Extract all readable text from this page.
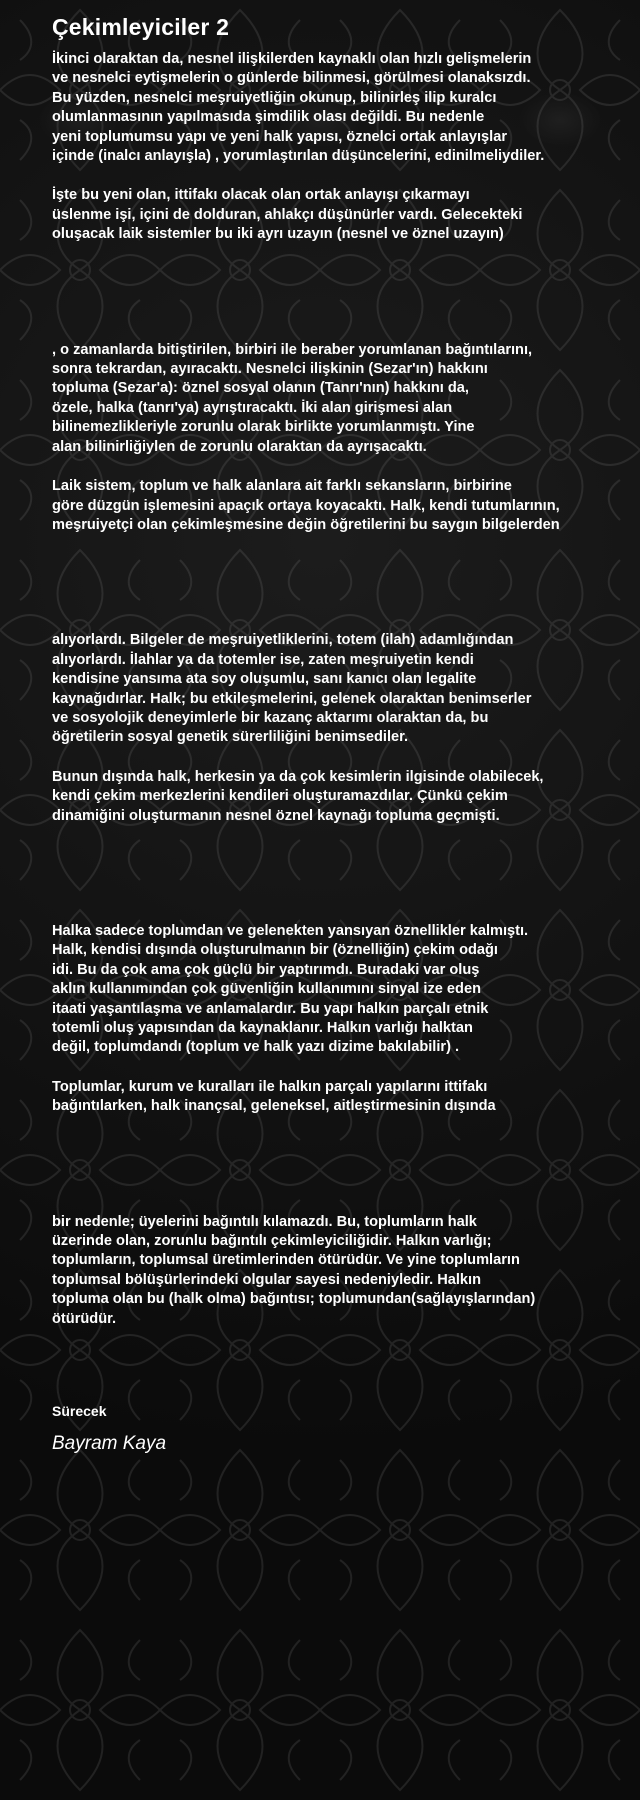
Çekimleyiciler 2
İkinci olaraktan da, nesnel ilişkilerden kaynaklı olan hızlı gelişmelerin
ve nesnelci eytişmelerin o günlerde bilinmesi, görülmesi olanaksızdı.
Bu yüzden, nesnelci meşruiyetliğin okunup, bilinirleş ilip kuralcı
olumlanmasının yapılmasıda şimdilik olası değildi. Bu nedenle
yeni toplumumsu yapı ve yeni halk yapısı, öznelci ortak anlayışlar
içinde (inalcı anlayışla) , yorumlaştırılan düşüncelerini, edinilmeliydiler.
İşte bu yeni olan, ittifakı olacak olan ortak anlayışı çıkarmayı
üslenme işi, içini de dolduran, ahlakçı düşünürler vardı. Gelecekteki
oluşacak laik sistemler bu iki ayrı uzayın (nesnel ve öznel uzayın)
, o zamanlarda bitiştirilen, birbiri ile beraber yorumlanan bağıntılarını,
sonra tekrardan, ayıracaktı. Nesnelci ilişkinin (Sezar'ın) hakkını
topluma (Sezar'a): öznel sosyal olanın (Tanrı'nın) hakkını da,
özele, halka (tanrı'ya) ayrıştıracaktı. İki alan girişmesi alan
bilinemezlikleriyle zorunlu olarak birlikte yorumlanmıştı. Yine
alan bilinirliğiylen de zorunlu olaraktan da ayrışacaktı.
Laik sistem, toplum ve halk alanlara ait farklı sekansların, birbirine
göre düzgün işlemesini apaçık ortaya koyacaktı. Halk, kendi tutumlarının,
meşruiyetçi olan çekimleşmesine değin öğretilerini bu saygın bilgelerden
alıyorlardı. Bilgeler de meşruiyetliklerini, totem (ilah) adamlığından
alıyorlardı. İlahlar ya da totemler ise, zaten meşruiyetin kendi
kendisine yansıma ata soy oluşumlu, sanı kanıcı olan legalite
kaynağıdırlar. Halk; bu etkileşmelerini, gelenek olaraktan benimserler
ve sosyolojik deneyimlerle bir kazanç aktarımı olaraktan da, bu
öğretilerin sosyal genetik sürerliliğini benimsediler.
Bunun dışında halk, herkesin ya da çok kesimlerin ilgisinde olabilecek,
kendi çekim merkezlerini kendileri oluşturamazdılar. Çünkü çekim
dinamiğini oluşturmanın nesnel öznel kaynağı topluma geçmişti.
Halka sadece toplumdan ve gelenekten yansıyan öznellikler kalmıştı.
Halk, kendisi dışında oluşturulmanın bir (öznelliğin) çekim odağı
idi. Bu da çok ama çok güçlü bir yaptırımdı. Buradaki var oluş
aklın kullanımından çok güvenliğin kullanımını sinyal ize eden
itaati yaşantılaşma ve anlamalardır. Bu yapı halkın parçalı etnik
totemli oluş yapısından da kaynaklanır. Halkın varlığı halktan
değil, toplumdandı (toplum ve halk yazı dizime bakılabilir) .
Toplumlar, kurum ve kuralları ile halkın parçalı yapılarını ittifakı
bağıntılarken, halk inançsal, geleneksel, aitleştirmesinin dışında
bir nedenle; üyelerini bağıntılı kılamazdı. Bu, toplumların halk
üzerinde olan, zorunlu bağıntılı çekimleyiciliğidir. Halkın varlığı;
toplumların, toplumsal üretimlerinden ötürüdür. Ve yine toplumların
toplumsal bölüşürlerindeki olgular sayesi nedeniyledir. Halkın
topluma olan bu (halk olma) bağıntısı; toplumundan(sağlayışlarından)
ötürüdür.
Sürecek
Bayram Kaya
